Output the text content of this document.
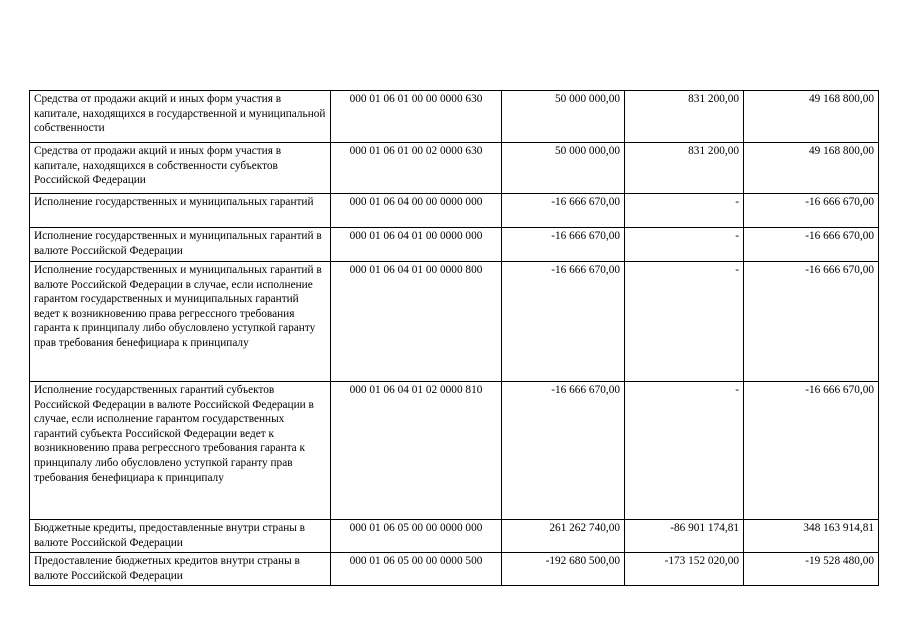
Средства от продажи акций и иных форм участия в капитале, находящихся в государственной и муниципальной собственности	000 01 06 01 00 00 0000 630	50 000 000,00	831 200,00	49 168 800,00
Средства от продажи акций и иных форм участия в капитале, находящихся в собственности субъектов Российской Федерации	000 01 06 01 00 02 0000 630	50 000 000,00	831 200,00	49 168 800,00
Исполнение государственных и муниципальных гарантий	000 01 06 04 00 00 0000 000	-16 666 670,00	-	-16 666 670,00
Исполнение государственных и муниципальных гарантий в валюте Российской Федерации	000 01 06 04 01 00 0000 000	-16 666 670,00	-	-16 666 670,00
Исполнение государственных и муниципальных гарантий в валюте Российской Федерации в случае, если исполнение гарантом государственных и муниципальных гарантий ведет к возникновению права регрессного требования гаранта к принципалу либо обусловлено уступкой гаранту прав требования бенефициара к принципалу	000 01 06 04 01 00 0000 800	-16 666 670,00	-	-16 666 670,00
Исполнение государственных гарантий субъектов Российской Федерации в валюте Российской Федерации в случае, если исполнение гарантом государственных гарантий субъекта Российской Федерации ведет к возникновению права регрессного требования гаранта к принципалу либо обусловлено уступкой гаранту прав требования бенефициара к принципалу	000 01 06 04 01 02 0000 810	-16 666 670,00	-	-16 666 670,00
Бюджетные кредиты, предоставленные внутри страны в валюте Российской Федерации	000 01 06 05 00 00 0000 000	261 262 740,00	-86 901 174,81	348 163 914,81
Предоставление бюджетных кредитов внутри страны в валюте Российской Федерации	000 01 06 05 00 00 0000 500	-192 680 500,00	-173 152 020,00	-19 528 480,00
